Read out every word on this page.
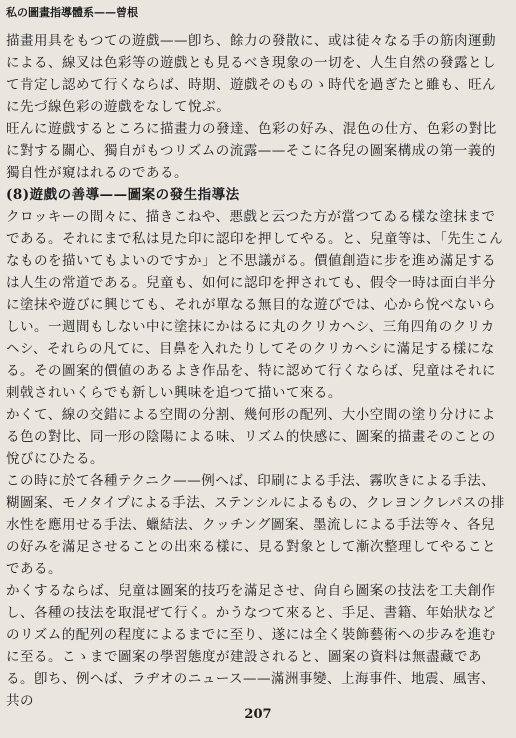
私の圖畫指導體系——曾根

描畫用具をもつての遊戲——卽ち、餘力の發散に、或は徒々なる手の筋肉運動による、線叉は色彩等の遊戲とも見るべき現象の一切を、人生自然の發露として肯定し認めて行くならば、時期、遊戲そのものゝ時代を過ぎたと雖も、旺んに先づ線色彩の遊戲をなして悅ぶ。

旺んに遊戲するところに描畫力の發達、色彩の好み、混色の仕方、色彩の對比に對する關心、獨自がもつリズムの流露——そこに各兒の圖案構成の第一義的獨自性が窺はれるのである。

(8)遊戲の善導——圖案の發生指導法

クロッキーの間々に、描きこねや、悪戲と云つた方が當つてゐる樣な塗抹までである。それにまで私は見た印に認印を押してやる。と、兒童等は、「先生こんなものを描いてもよいのですか」と不思議がる。價値創造に步を進め滿足するは人生の常道である。兒童も、如何に認印を押されても、假令一時は面白半分に塗抹や遊びに興じても、それが單なる無目的な遊びでは、心から悅べないらしい。一週間もしない中に塗抹にかはるに丸のクリカヘシ、三角四角のクリカヘシ、それらの凡てに、目鼻を入れたりしてそのクリカヘシに滿足する樣になる。その圖案的價値のあるよき作品を、特に認めて行くならば、兒童はそれに刺戟されいくらでも新しい興味を追つて描いて來る。

かくて、線の交錯による空間の分割、幾何形の配列、大小空間の塗り分けによる色の對比、同一形の陰陽による味、リズム的快感に、圖案的描畫そのことの悅びにひたる。

この時に於て各種テクニク——例へば、印刷による手法、霧吹きによる手法、糊圖案、モノタイプによる手法、ステンシルによるもの、クレヨンクレパスの排水性を應用せる手法、蠟結法、クッチング圖案、墨流しによる手法等々、各兒の好みを滿足させることの出來る樣に、見る對象として漸次整理してやることである。

かくするならば、兒童は圖案的技巧を滿足させ、尙自ら圖案の技法を工夫創作し、各種の技法を取混ぜて行く。かうなつて來ると、手足、書籍、年始狀などのリズム的配列の程度によるまでに至り、遂には全く裝飾藝術への步みを進むに至る。こゝまで圖案の學習態度が建設されると、圖案の資料は無盡藏である。卽ち、例へば、ラヂオのニュース——滿洲事變、上海事件、地震、風害、共の

207
